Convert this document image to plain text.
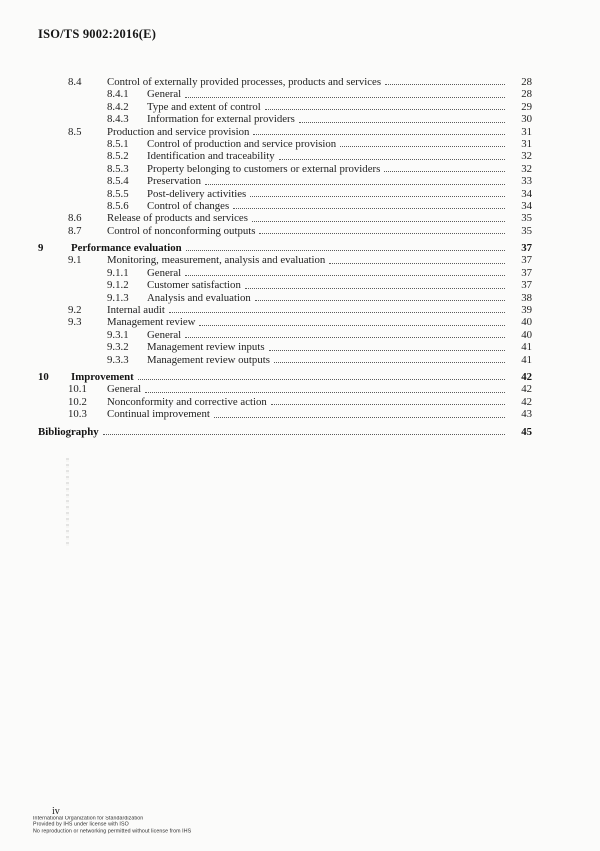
ISO/TS 9002:2016(E)
8.4	Control of externally provided processes, products and services	28
8.4.1	General	28
8.4.2	Type and extent of control	29
8.4.3	Information for external providers	30
8.5	Production and service provision	31
8.5.1	Control of production and service provision	31
8.5.2	Identification and traceability	32
8.5.3	Property belonging to customers or external providers	32
8.5.4	Preservation	33
8.5.5	Post-delivery activities	34
8.5.6	Control of changes	34
8.6	Release of products and services	35
8.7	Control of nonconforming outputs	35
9	Performance evaluation	37
9.1	Monitoring, measurement, analysis and evaluation	37
9.1.1	General	37
9.1.2	Customer satisfaction	37
9.1.3	Analysis and evaluation	38
9.2	Internal audit	39
9.3	Management review	40
9.3.1	General	40
9.3.2	Management review inputs	41
9.3.3	Management review outputs	41
10	Improvement	42
10.1	General	42
10.2	Nonconformity and corrective action	42
10.3	Continual improvement	43
Bibliography	45
iv
International Organization for Standardization
Provided by IHS under license with ISO
No reproduction or networking permitted without license from IHS
